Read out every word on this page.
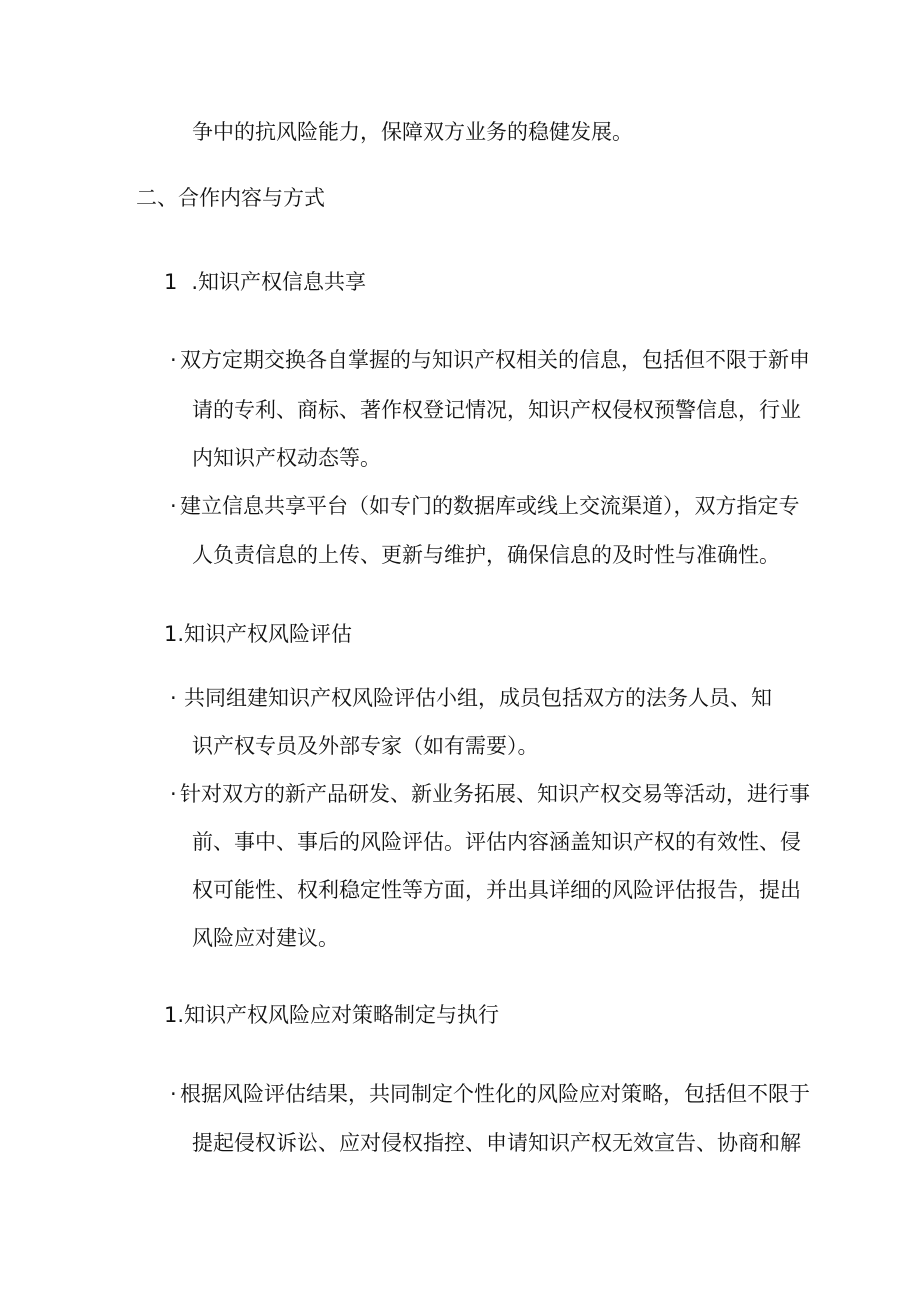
争中的抗风险能力，保障双方业务的稳健发展。
二、合作内容与方式
1 .知识产权信息共享
· 双方定期交换各自掌握的与知识产权相关的信息，包括但不限于新申
请的专利、商标、著作权登记情况，知识产权侵权预警信息，行业
内知识产权动态等。
· 建立信息共享平台（如专门的数据库或线上交流渠道），双方指定专
人负责信息的上传、更新与维护，确保信息的及时性与准确性。
1.知识产权风险评估
· 共同组建知识产权风险评估小组，成员包括双方的法务人员、知
识产权专员及外部专家（如有需要）。
· 针对双方的新产品研发、新业务拓展、知识产权交易等活动，进行事
前、事中、事后的风险评估。评估内容涵盖知识产权的有效性、侵
权可能性、权利稳定性等方面，并出具详细的风险评估报告，提出
风险应对建议。
1.知识产权风险应对策略制定与执行
· 根据风险评估结果，共同制定个性化的风险应对策略，包括但不限于
提起侵权诉讼、应对侵权指控、申请知识产权无效宣告、协商和解
